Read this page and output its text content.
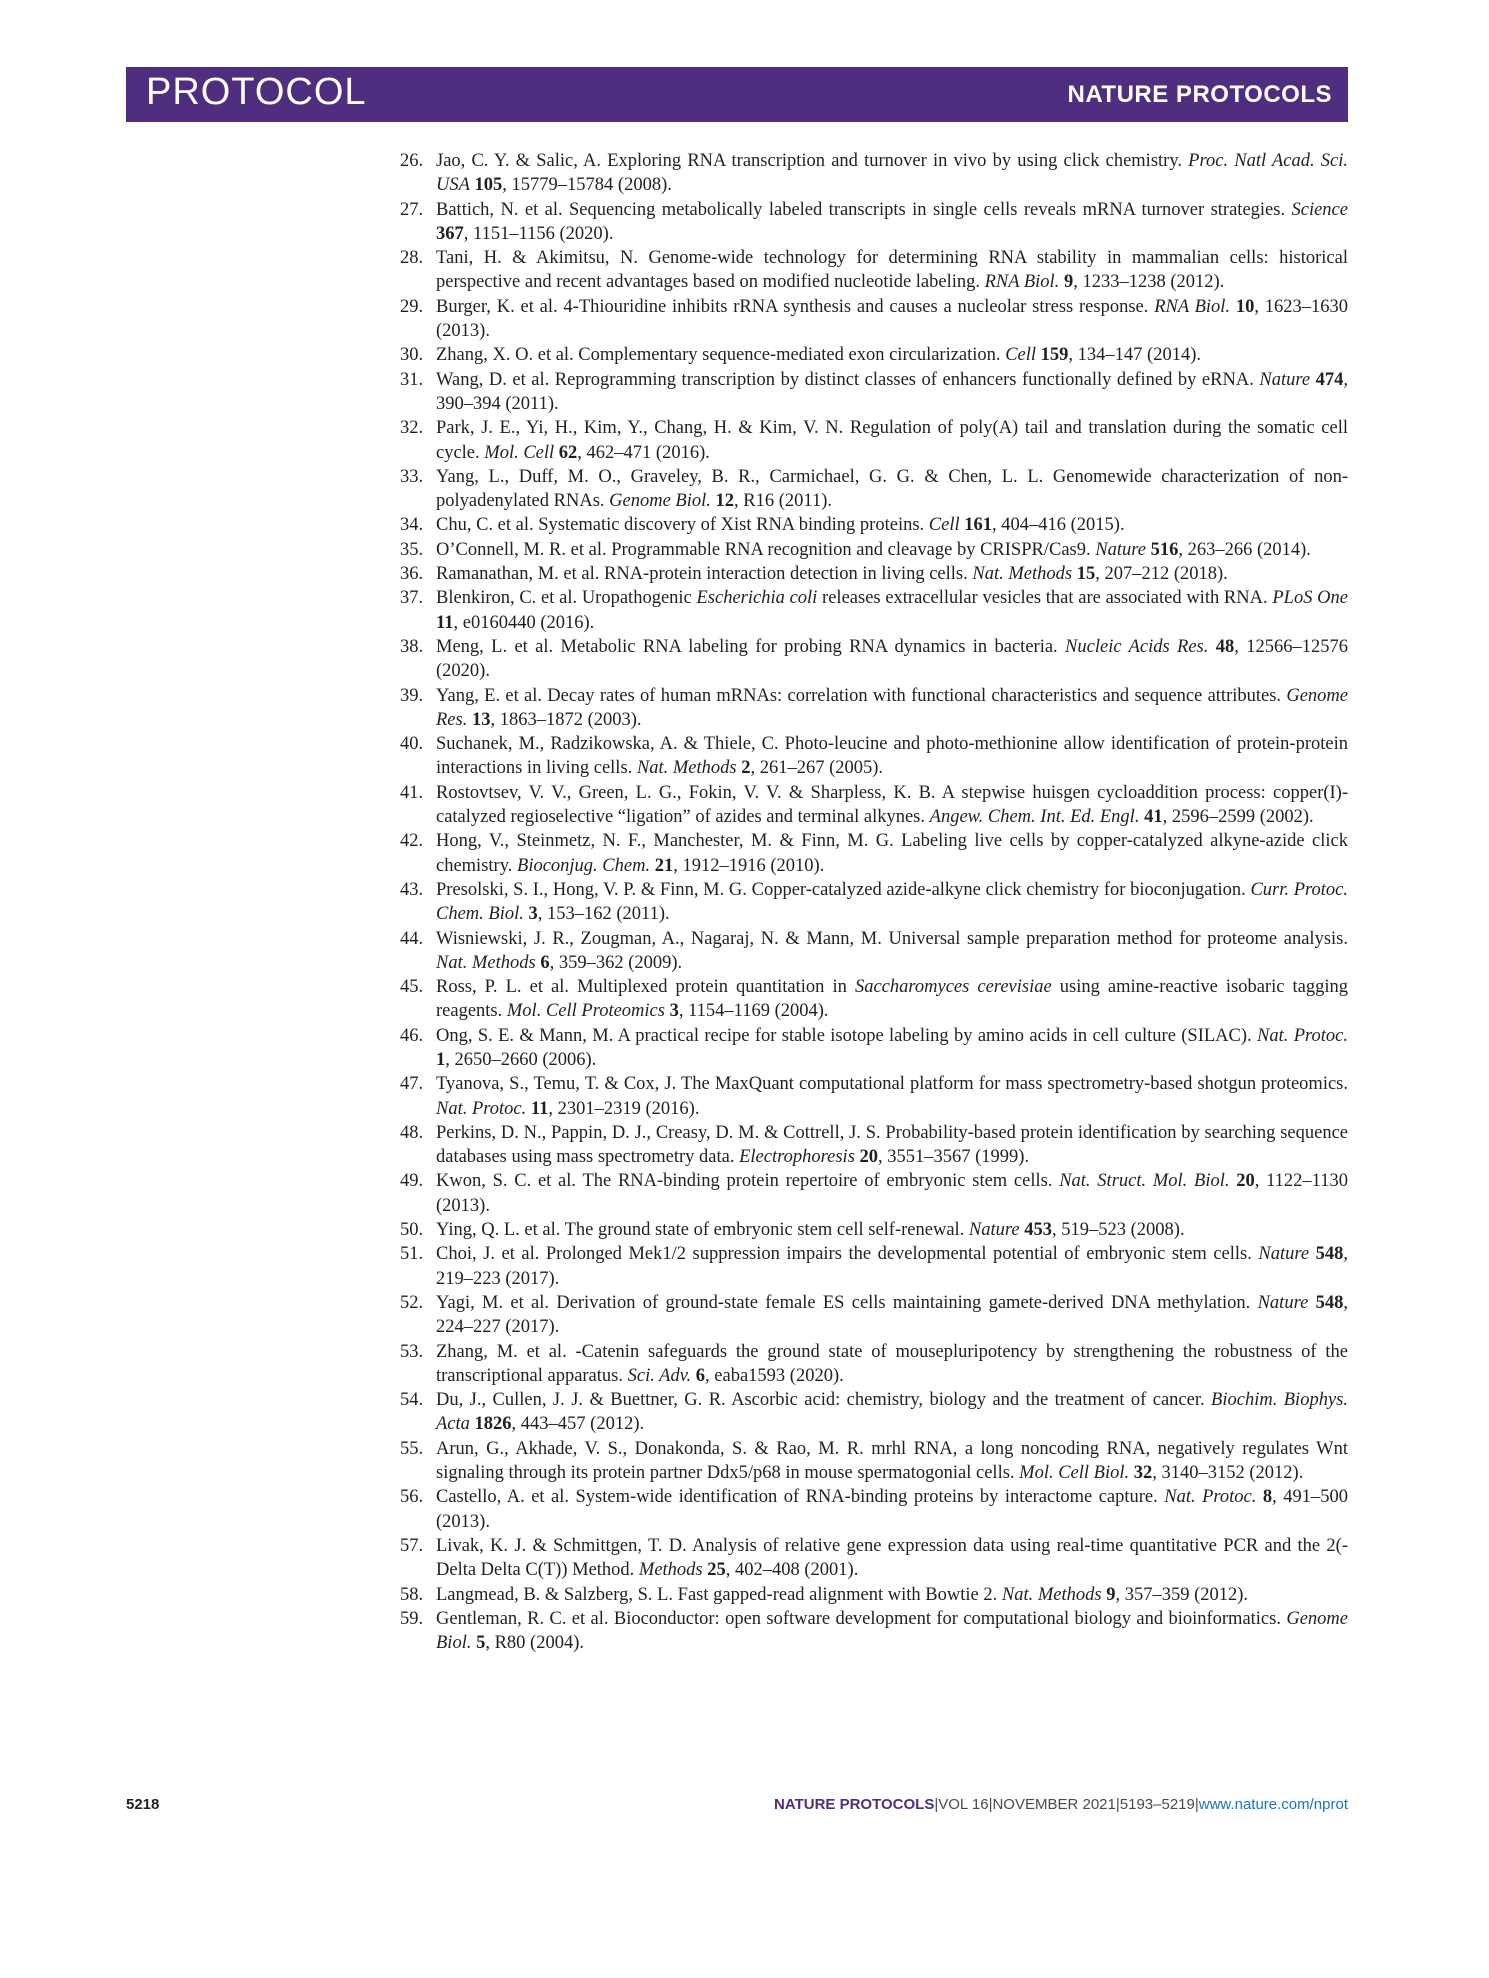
PROTOCOL	NATURE PROTOCOLS
26. Jao, C. Y. & Salic, A. Exploring RNA transcription and turnover in vivo by using click chemistry. Proc. Natl Acad. Sci. USA 105, 15779–15784 (2008).
27. Battich, N. et al. Sequencing metabolically labeled transcripts in single cells reveals mRNA turnover strategies. Science 367, 1151–1156 (2020).
28. Tani, H. & Akimitsu, N. Genome-wide technology for determining RNA stability in mammalian cells: historical perspective and recent advantages based on modified nucleotide labeling. RNA Biol. 9, 1233–1238 (2012).
29. Burger, K. et al. 4-Thiouridine inhibits rRNA synthesis and causes a nucleolar stress response. RNA Biol. 10, 1623–1630 (2013).
30. Zhang, X. O. et al. Complementary sequence-mediated exon circularization. Cell 159, 134–147 (2014).
31. Wang, D. et al. Reprogramming transcription by distinct classes of enhancers functionally defined by eRNA. Nature 474, 390–394 (2011).
32. Park, J. E., Yi, H., Kim, Y., Chang, H. & Kim, V. N. Regulation of poly(A) tail and translation during the somatic cell cycle. Mol. Cell 62, 462–471 (2016).
33. Yang, L., Duff, M. O., Graveley, B. R., Carmichael, G. G. & Chen, L. L. Genomewide characterization of non-polyadenylated RNAs. Genome Biol. 12, R16 (2011).
34. Chu, C. et al. Systematic discovery of Xist RNA binding proteins. Cell 161, 404–416 (2015).
35. O’Connell, M. R. et al. Programmable RNA recognition and cleavage by CRISPR/Cas9. Nature 516, 263–266 (2014).
36. Ramanathan, M. et al. RNA-protein interaction detection in living cells. Nat. Methods 15, 207–212 (2018).
37. Blenkiron, C. et al. Uropathogenic Escherichia coli releases extracellular vesicles that are associated with RNA. PLoS One 11, e0160440 (2016).
38. Meng, L. et al. Metabolic RNA labeling for probing RNA dynamics in bacteria. Nucleic Acids Res. 48, 12566–12576 (2020).
39. Yang, E. et al. Decay rates of human mRNAs: correlation with functional characteristics and sequence attributes. Genome Res. 13, 1863–1872 (2003).
40. Suchanek, M., Radzikowska, A. & Thiele, C. Photo-leucine and photo-methionine allow identification of protein-protein interactions in living cells. Nat. Methods 2, 261–267 (2005).
41. Rostovtsev, V. V., Green, L. G., Fokin, V. V. & Sharpless, K. B. A stepwise huisgen cycloaddition process: copper(I)-catalyzed regioselective “ligation” of azides and terminal alkynes. Angew. Chem. Int. Ed. Engl. 41, 2596–2599 (2002).
42. Hong, V., Steinmetz, N. F., Manchester, M. & Finn, M. G. Labeling live cells by copper-catalyzed alkyne-azide click chemistry. Bioconjug. Chem. 21, 1912–1916 (2010).
43. Presolski, S. I., Hong, V. P. & Finn, M. G. Copper-catalyzed azide-alkyne click chemistry for bioconjugation. Curr. Protoc. Chem. Biol. 3, 153–162 (2011).
44. Wisniewski, J. R., Zougman, A., Nagaraj, N. & Mann, M. Universal sample preparation method for proteome analysis. Nat. Methods 6, 359–362 (2009).
45. Ross, P. L. et al. Multiplexed protein quantitation in Saccharomyces cerevisiae using amine-reactive isobaric tagging reagents. Mol. Cell Proteomics 3, 1154–1169 (2004).
46. Ong, S. E. & Mann, M. A practical recipe for stable isotope labeling by amino acids in cell culture (SILAC). Nat. Protoc. 1, 2650–2660 (2006).
47. Tyanova, S., Temu, T. & Cox, J. The MaxQuant computational platform for mass spectrometry-based shotgun proteomics. Nat. Protoc. 11, 2301–2319 (2016).
48. Perkins, D. N., Pappin, D. J., Creasy, D. M. & Cottrell, J. S. Probability-based protein identification by searching sequence databases using mass spectrometry data. Electrophoresis 20, 3551–3567 (1999).
49. Kwon, S. C. et al. The RNA-binding protein repertoire of embryonic stem cells. Nat. Struct. Mol. Biol. 20, 1122–1130 (2013).
50. Ying, Q. L. et al. The ground state of embryonic stem cell self-renewal. Nature 453, 519–523 (2008).
51. Choi, J. et al. Prolonged Mek1/2 suppression impairs the developmental potential of embryonic stem cells. Nature 548, 219–223 (2017).
52. Yagi, M. et al. Derivation of ground-state female ES cells maintaining gamete-derived DNA methylation. Nature 548, 224–227 (2017).
53. Zhang, M. et al. -Catenin safeguards the ground state of mousepluripotency by strengthening the robustness of the transcriptional apparatus. Sci. Adv. 6, eaba1593 (2020).
54. Du, J., Cullen, J. J. & Buettner, G. R. Ascorbic acid: chemistry, biology and the treatment of cancer. Biochim. Biophys. Acta 1826, 443–457 (2012).
55. Arun, G., Akhade, V. S., Donakonda, S. & Rao, M. R. mrhl RNA, a long noncoding RNA, negatively regulates Wnt signaling through its protein partner Ddx5/p68 in mouse spermatogonial cells. Mol. Cell Biol. 32, 3140–3152 (2012).
56. Castello, A. et al. System-wide identification of RNA-binding proteins by interactome capture. Nat. Protoc. 8, 491–500 (2013).
57. Livak, K. J. & Schmittgen, T. D. Analysis of relative gene expression data using real-time quantitative PCR and the 2(-Delta Delta C(T)) Method. Methods 25, 402–408 (2001).
58. Langmead, B. & Salzberg, S. L. Fast gapped-read alignment with Bowtie 2. Nat. Methods 9, 357–359 (2012).
59. Gentleman, R. C. et al. Bioconductor: open software development for computational biology and bioinformatics. Genome Biol. 5, R80 (2004).
5218	NATURE PROTOCOLS|VOL 16|NOVEMBER 2021|5193–5219|www.nature.com/nprot
